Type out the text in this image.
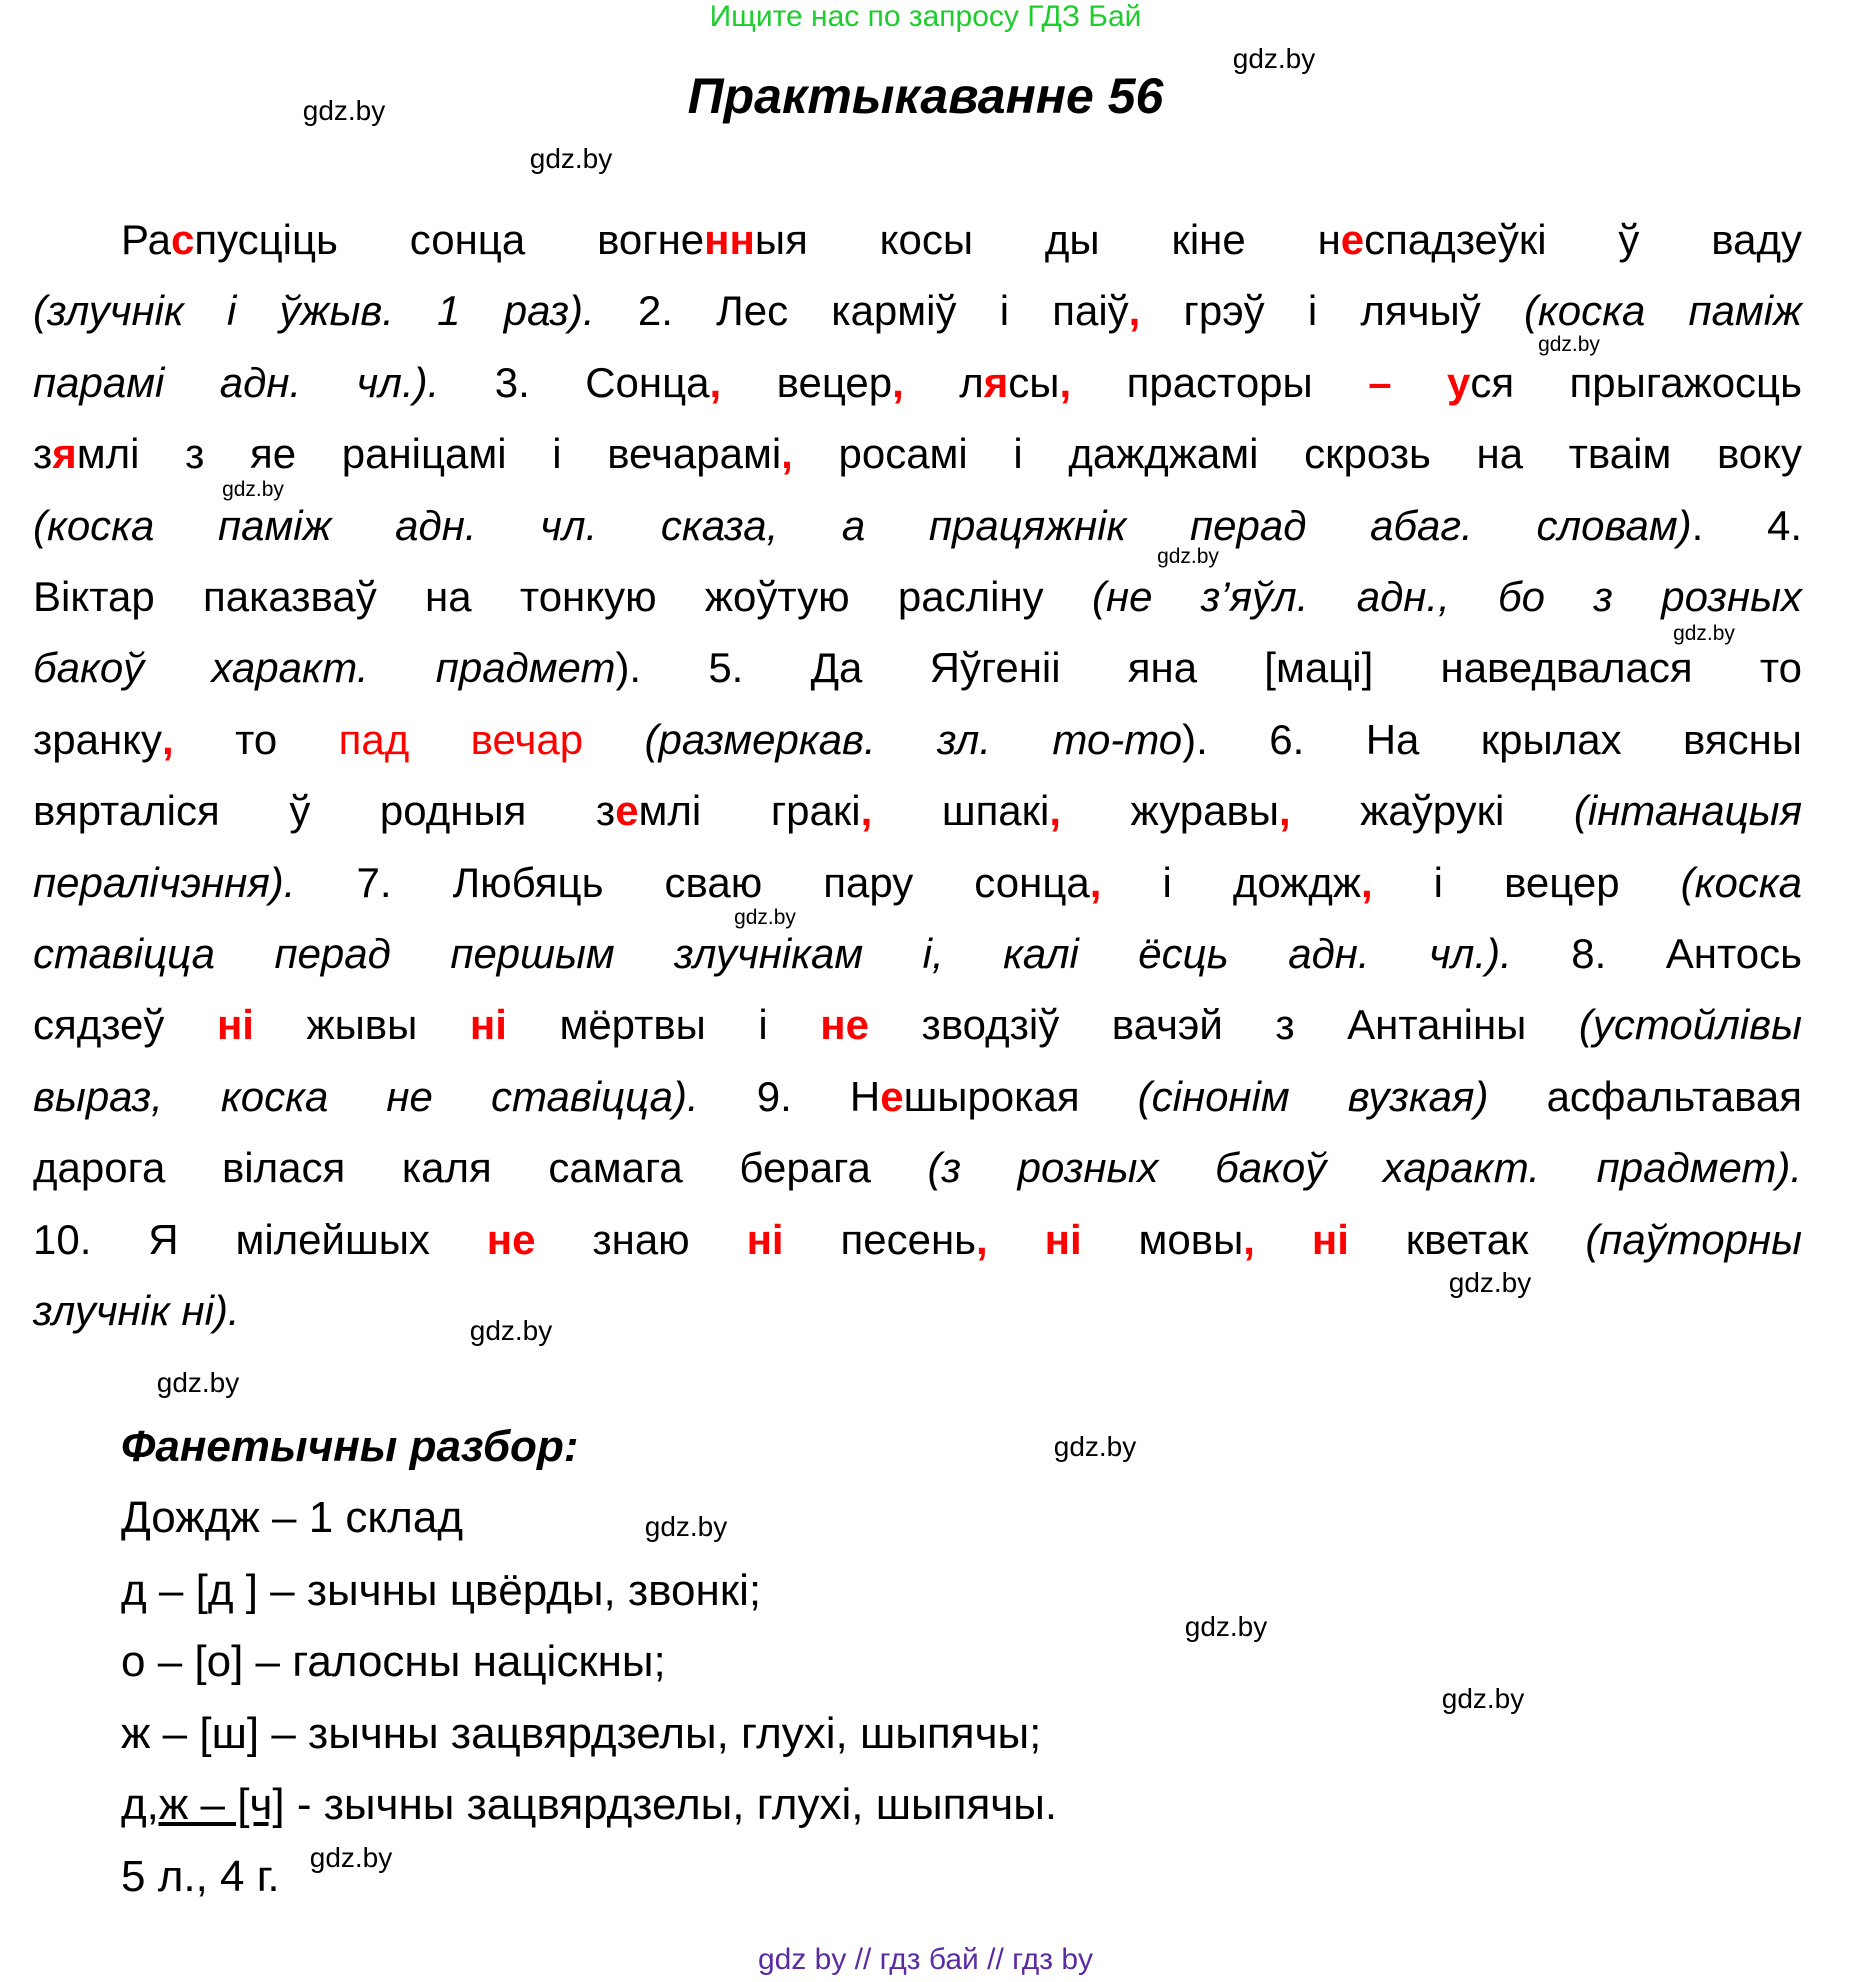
Ищите нас по запросу ГДЗ Бай
Практыкаванне 56
gdz.by
gdz.by
gdz.by
gdz.by
gdz.by
gdz.by
gdz.by
gdz.by
gdz.by
gdz.by
gdz.by
gdz.by
gdz.by
gdz.by
gdz.by
gdz.by
Распусціць сонца вогненныя косы ды кіне неспадзеўкі ў ваду
(злучнік і ўжыв. 1 раз). 2. Лес карміў і паіў, грэў і лячыў (коска паміж
парамі адн. чл.). 3. Сонца, вецер, лясы, прасторы – уся прыгажосць
зямлі з яе раніцамі і вечарамі, росамі і дажджамі скрозь на тваім воку
(коска паміж адн. чл. сказа, а працяжнік перад абаг. словам). 4.
Віктар паказваў на тонкую жоўтую расліну (не з’яўл. адн., бо з розных
бакоў характ. прадмет). 5. Да Яўгеніі яна [маці] наведвалася то
зранку, то пад вечар (размеркав. зл. то-то). 6. На крылах вясны
вярталіся ў родныя землі гракі, шпакі, журавы, жаўрукі (інтанацыя
пералічэння). 7. Любяць сваю пару сонца, і дождж, і вецер (коска
ставіцца перад першым злучнікам і, калі ёсць адн. чл.). 8. Антось
сядзеў ні жывы ні мёртвы і не зводзіў вачэй з Антаніны (устойлівы
выраз, коска не ставіцца). 9. Нешырокая (сінонім вузкая) асфальтавая
дарога вілася каля самага берага (з розных бакоў характ. прадмет).
10. Я мілейшых не знаю ні песень, ні мовы, ні кветак (паўторны
злучнік ні).
Фанетычны разбор:
Дождж – 1 склад
д – [д ] – зычны цвёрды, звонкі;
о – [о] – галосны націскны;
ж – [ш] – зычны зацвярдзелы, глухі, шыпячы;
д,ж – [ч] - зычны зацвярдзелы, глухі, шыпячы.
5 л., 4 г.
gdz by // гдз бай // гдз by
